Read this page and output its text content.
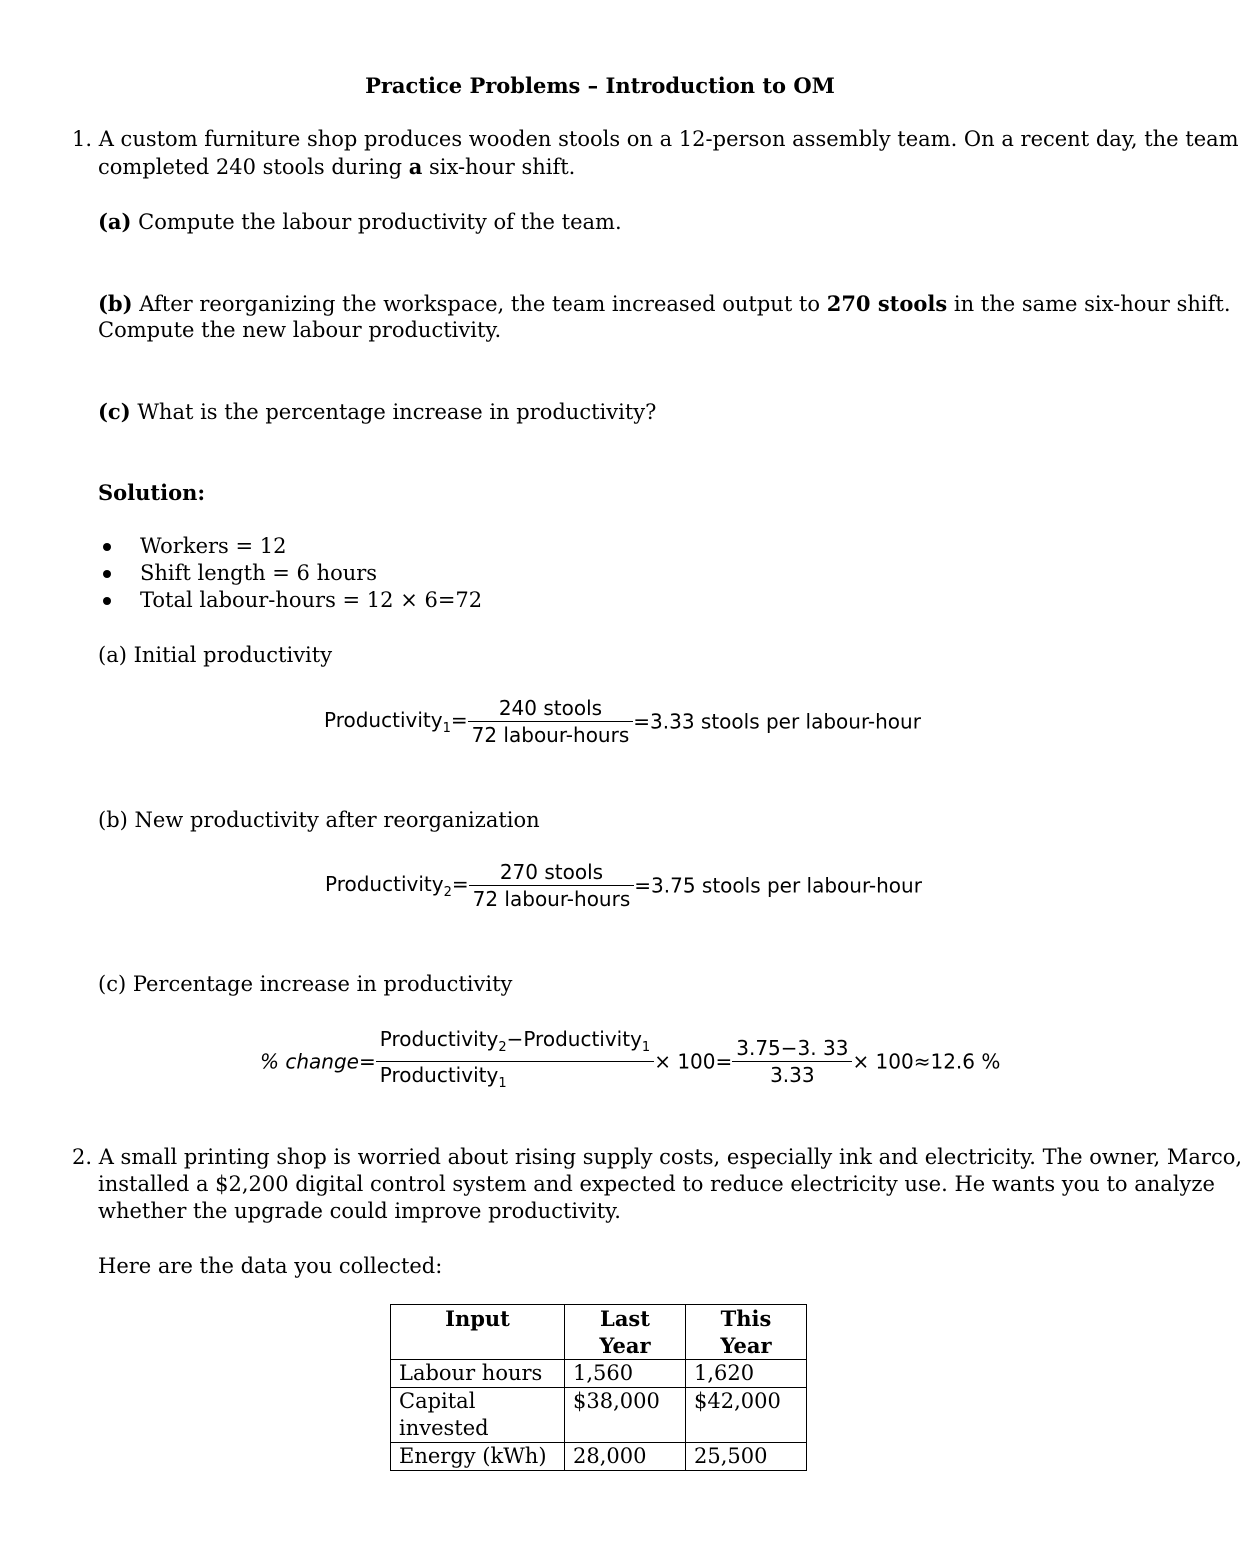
Practice Problems – Introduction to OM
1. A custom furniture shop produces wooden stools on a 12-person assembly team. On a recent day, the team
completed 240 stools during a six-hour shift.
(a) Compute the labour productivity of the team.
(b) After reorganizing the workspace, the team increased output to 270 stools in the same six-hour shift.
Compute the new labour productivity.
(c) What is the percentage increase in productivity?
Solution:
Workers = 12
Shift length = 6 hours
Total labour-hours = 12 × 6=72
(a) Initial productivity
Productivity$_1$= $\frac{\text{240 stools}}{\text{72 labour-hours}} =3.33$ stools per labour-hour
(b) New productivity after reorganization
Productivity$_2$= $\frac{\text{270 stools}}{\text{72 labour-hours}} =3.75$ stools per labour-hour
(c) Percentage increase in productivity
% change= $\frac{Productivity_2-Productivity_1}{Productivity_1} \times 100= \frac{3.75-3. 33}{3.33} \times 100\approx 12.6$ %
2. A small printing shop is worried about rising supply costs, especially ink and electricity. The owner, Marco,
installed a $2,200 digital control system and expected to reduce electricity use. He wants you to analyze
whether the upgrade could improve productivity.
Here are the data you collected:
Input	Last Year	This Year
Labour hours	1,560	1,620
Capital
invested	$38,000	$42,000
Energy (kWh)	28,000	25,500
